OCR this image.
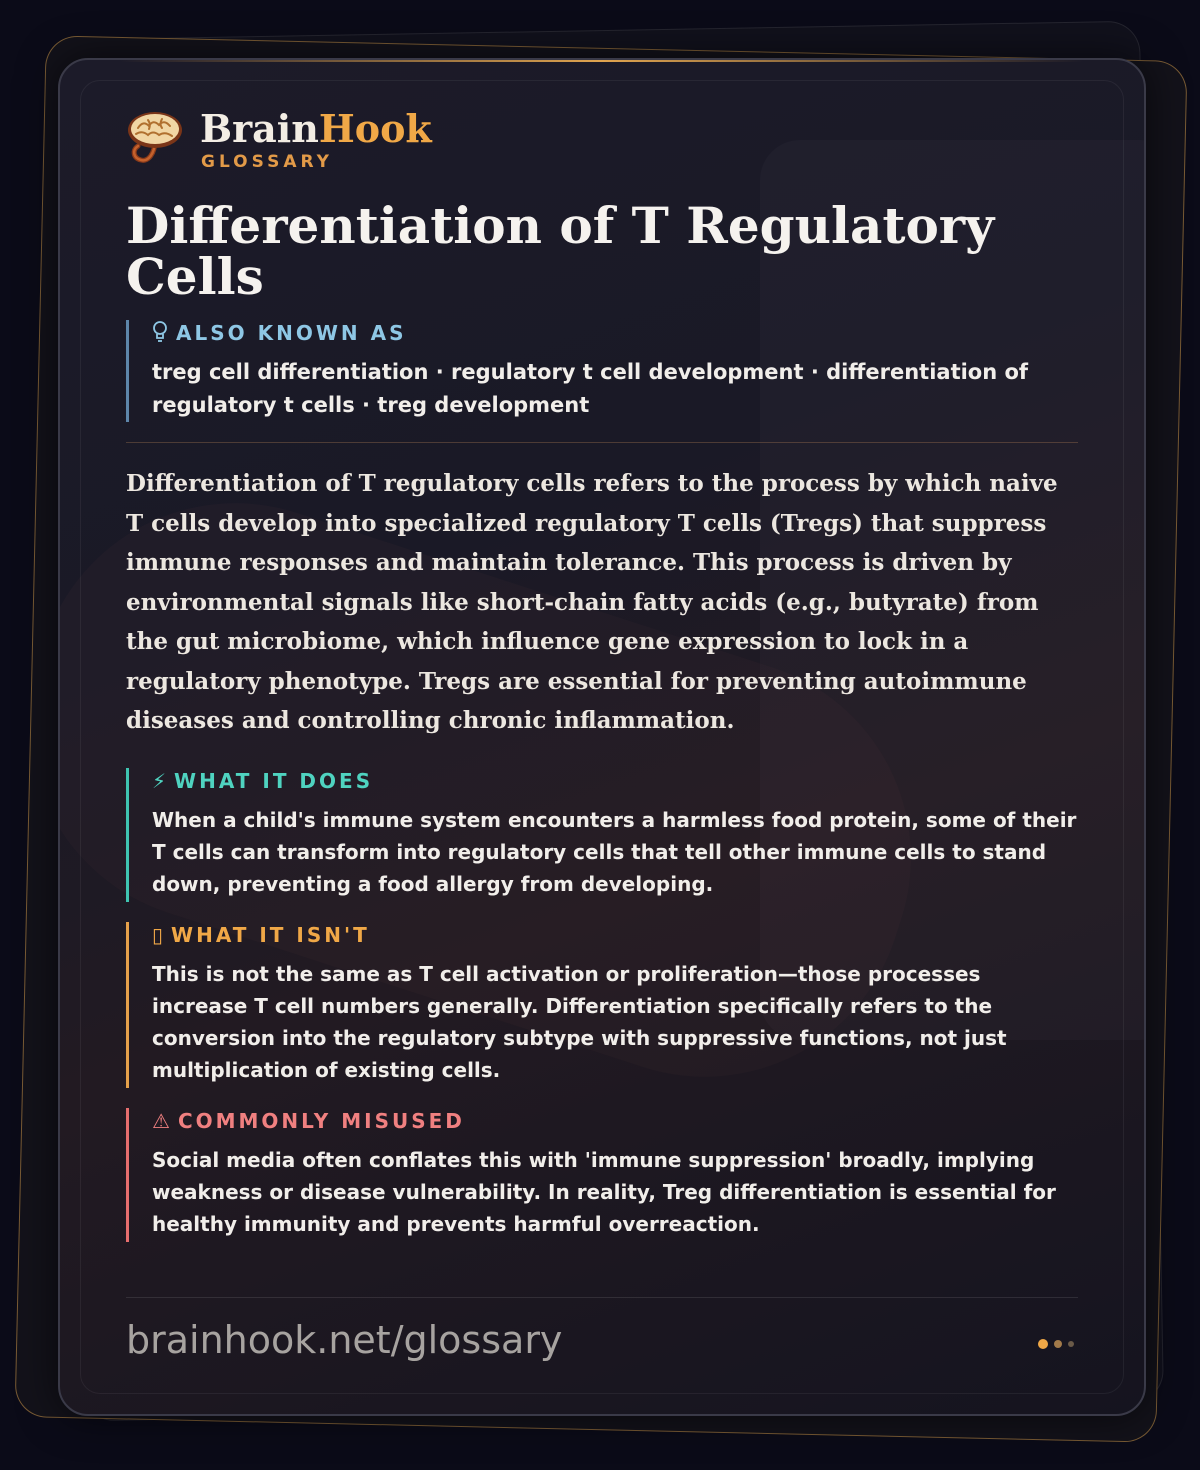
BrainHook
GLOSSARY
Differentiation of T Regulatory Cells
ALSO KNOWN AS

treg cell differentiation · regulatory t cell development · differentiation of regulatory t cells · treg development

Differentiation of T regulatory cells refers to the process by which naive T cells develop into specialized regulatory T cells (Tregs) that suppress immune responses and maintain tolerance. This process is driven by environmental signals like short-chain fatty acids (e.g., butyrate) from the gut microbiome, which influence gene expression to lock in a regulatory phenotype. Tregs are essential for preventing autoimmune diseases and controlling chronic inflammation.

⚡ WHAT IT DOES

When a child's immune system encounters a harmless food protein, some of their T cells can transform into regulatory cells that tell other immune cells to stand down, preventing a food allergy from developing.

▯ WHAT IT ISN'T

This is not the same as T cell activation or proliferation—those processes increase T cell numbers generally. Differentiation specifically refers to the conversion into the regulatory subtype with suppressive functions, not just multiplication of existing cells.

⚠ COMMONLY MISUSED

Social media often conflates this with 'immune suppression' broadly, implying weakness or disease vulnerability. In reality, Treg differentiation is essential for healthy immunity and prevents harmful overreaction.

brainhook.net/glossary
